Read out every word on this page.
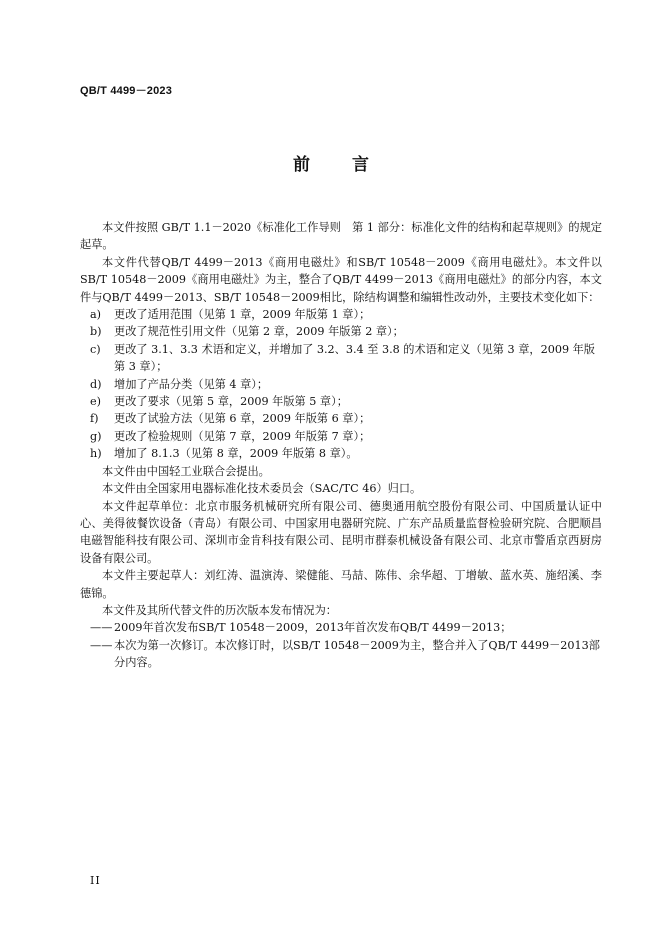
QB/T 4499－2023
前 言

本文件按照 GB/T 1.1－2020《标准化工作导则　第 1 部分：标准化文件的结构和起草规则》的规定起草。

本文件代替QB/T 4499－2013《商用电磁灶》和SB/T 10548－2009《商用电磁灶》。本文件以SB/T 10548－2009《商用电磁灶》为主，整合了QB/T 4499－2013《商用电磁灶》的部分内容，本文件与QB/T 4499－2013、SB/T 10548－2009相比，除结构调整和编辑性改动外，主要技术变化如下：

a) 更改了适用范围（见第 1 章，2009 年版第 1 章）；

b) 更改了规范性引用文件（见第 2 章，2009 年版第 2 章）；

c) 更改了 3.1、3.3 术语和定义，并增加了 3.2、3.4 至 3.8 的术语和定义（见第 3 章，2009 年版第 3 章）；

d) 增加了产品分类（见第 4 章）；

e) 更改了要求（见第 5 章，2009 年版第 5 章）；

f) 更改了试验方法（见第 6 章，2009 年版第 6 章）；

g) 更改了检验规则（见第 7 章，2009 年版第 7 章）；

h) 增加了 8.1.3（见第 8 章，2009 年版第 8 章）。

本文件由中国轻工业联合会提出。

本文件由全国家用电器标准化技术委员会（SAC/TC 46）归口。

本文件起草单位：北京市服务机械研究所有限公司、德奥通用航空股份有限公司、中国质量认证中心、美得彼餐饮设备（青岛）有限公司、中国家用电器研究院、广东产品质量监督检验研究院、合肥顺昌电磁智能科技有限公司、深圳市金肯科技有限公司、昆明市群泰机械设备有限公司、北京市警盾京西厨房设备有限公司。

本文件主要起草人：刘红涛、温演涛、梁健能、马喆、陈伟、余华超、丁增敏、蓝水英、施绍溪、李德锦。

本文件及其所代替文件的历次版本发布情况为：

—— 2009年首次发布SB/T 10548－2009，2013年首次发布QB/T 4499－2013；

—— 本次为第一次修订。本次修订时，以SB/T 10548－2009为主，整合并入了QB/T 4499－2013部分内容。

II
